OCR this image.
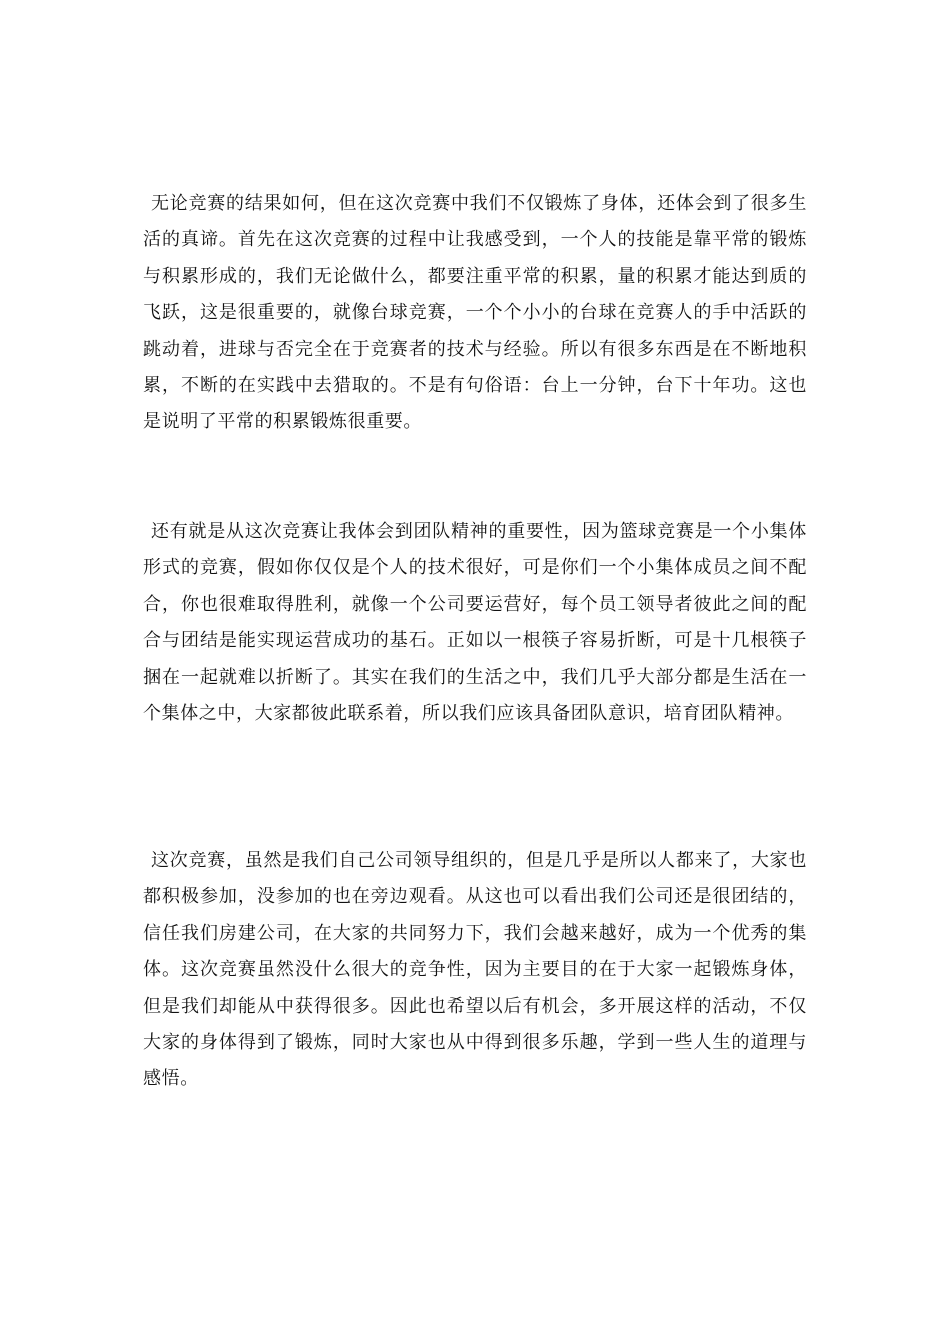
无论竞赛的结果如何，但在这次竞赛中我们不仅锻炼了身体，还体会到了很多生活的真谛。首先在这次竞赛的过程中让我感受到，一个人的技能是靠平常的锻炼与积累形成的，我们无论做什么，都要注重平常的积累，量的积累才能达到质的飞跃，这是很重要的，就像台球竞赛，一个个小小的台球在竞赛人的手中活跃的跳动着，进球与否完全在于竞赛者的技术与经验。所以有很多东西是在不断地积累，不断的在实践中去猎取的。不是有句俗语：台上一分钟，台下十年功。这也是说明了平常的积累锻炼很重要。

还有就是从这次竞赛让我体会到团队精神的重要性，因为篮球竞赛是一个小集体形式的竞赛，假如你仅仅是个人的技术很好，可是你们一个小集体成员之间不配合，你也很难取得胜利，就像一个公司要运营好，每个员工领导者彼此之间的配合与团结是能实现运营成功的基石。正如以一根筷子容易折断，可是十几根筷子捆在一起就难以折断了。其实在我们的生活之中，我们几乎大部分都是生活在一个集体之中，大家都彼此联系着，所以我们应该具备团队意识，培育团队精神。

这次竞赛，虽然是我们自己公司领导组织的，但是几乎是所以人都来了，大家也都积极参加，没参加的也在旁边观看。从这也可以看出我们公司还是很团结的，信任我们房建公司，在大家的共同努力下，我们会越来越好，成为一个优秀的集体。这次竞赛虽然没什么很大的竞争性，因为主要目的在于大家一起锻炼身体，但是我们却能从中获得很多。因此也希望以后有机会，多开展这样的活动，不仅大家的身体得到了锻炼，同时大家也从中得到很多乐趣，学到一些人生的道理与感悟。
